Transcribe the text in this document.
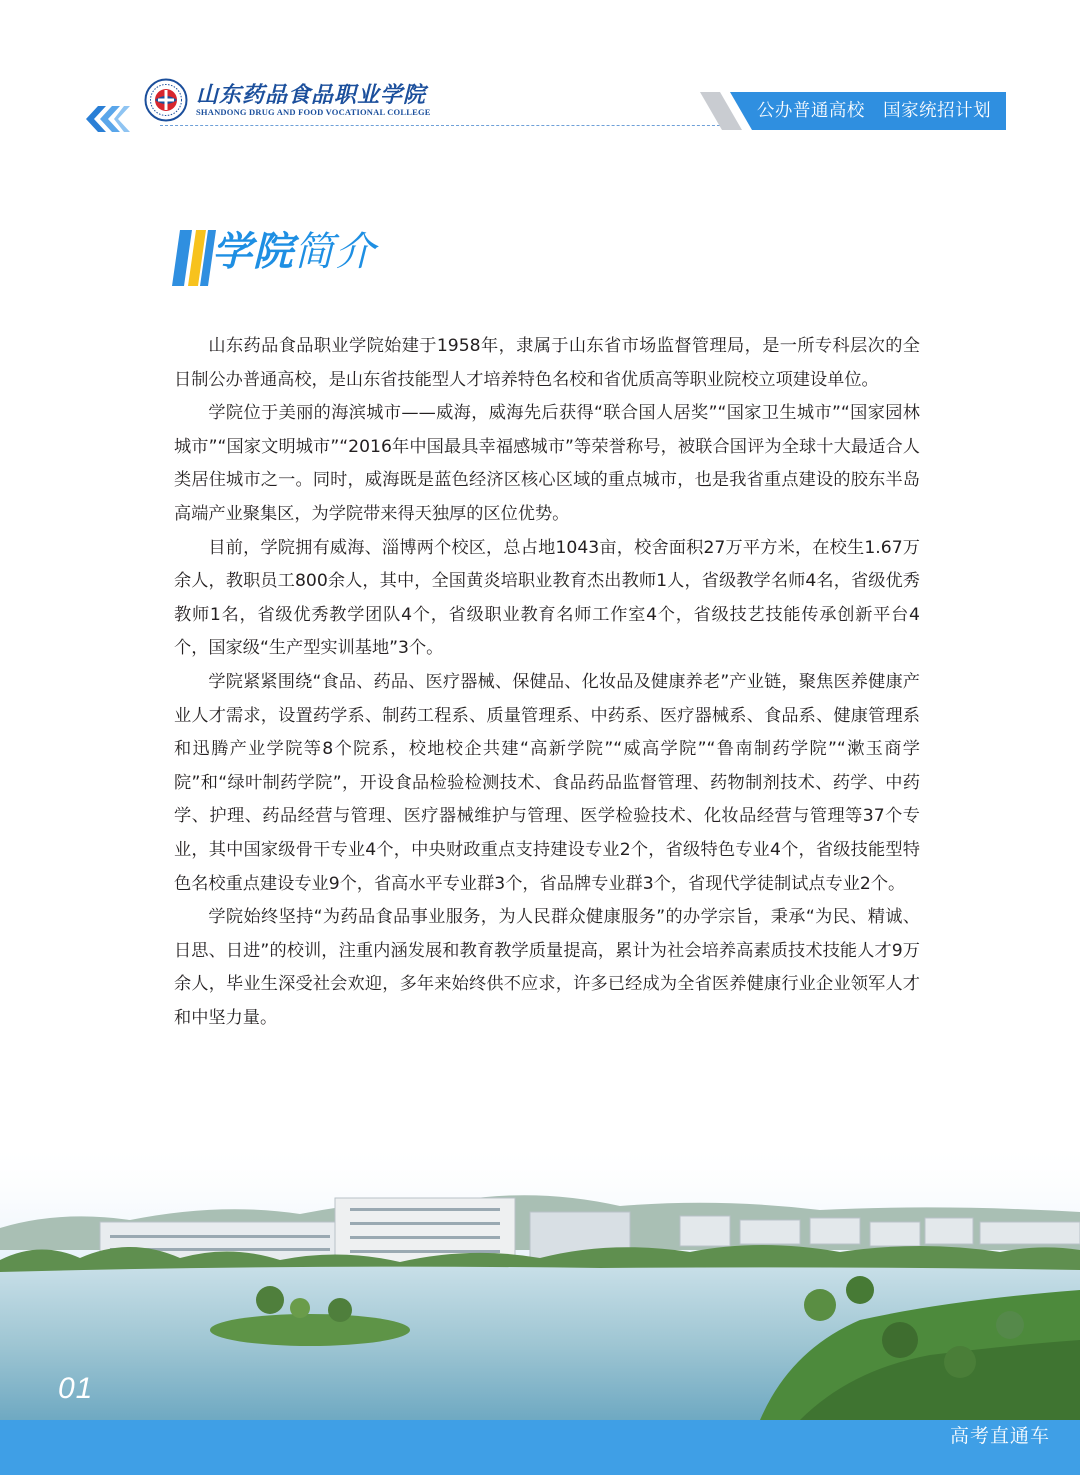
山东药品食品职业学院
SHANDONG DRUG AND FOOD VOCATIONAL COLLEGE	公办普通高校   国家统招计划
学院简介

山东药品食品职业学院始建于1958年，隶属于山东省市场监督管理局，是一所专科层次的全日制公办普通高校，是山东省技能型人才培养特色名校和省优质高等职业院校立项建设单位。

学院位于美丽的海滨城市——威海，威海先后获得“联合国人居奖”“国家卫生城市”“国家园林城市”“国家文明城市”“2016年中国最具幸福感城市”等荣誉称号，被联合国评为全球十大最适合人类居住城市之一。同时，威海既是蓝色经济区核心区域的重点城市，也是我省重点建设的胶东半岛高端产业聚集区，为学院带来得天独厚的区位优势。

目前，学院拥有威海、淄博两个校区，总占地1043亩，校舍面积27万平方米，在校生1.67万余人，教职员工800余人，其中，全国黄炎培职业教育杰出教师1人，省级教学名师4名，省级优秀教师1名，省级优秀教学团队4个，省级职业教育名师工作室4个，省级技艺技能传承创新平台4个，国家级“生产型实训基地”3个。

学院紧紧围绕“食品、药品、医疗器械、保健品、化妆品及健康养老”产业链，聚焦医养健康产业人才需求，设置药学系、制药工程系、质量管理系、中药系、医疗器械系、食品系、健康管理系和迅腾产业学院等8个院系，校地校企共建“高新学院”“威高学院”“鲁南制药学院”“漱玉商学院”和“绿叶制药学院”，开设食品检验检测技术、食品药品监督管理、药物制剂技术、药学、中药学、护理、药品经营与管理、医疗器械维护与管理、医学检验技术、化妆品经营与管理等37个专业，其中国家级骨干专业4个，中央财政重点支持建设专业2个，省级特色专业4个，省级技能型特色名校重点建设专业9个，省高水平专业群3个，省品牌专业群3个，省现代学徒制试点专业2个。

学院始终坚持“为药品食品事业服务，为人民群众健康服务”的办学宗旨，秉承“为民、精诚、日思、日进”的校训，注重内涵发展和教育教学质量提高，累计为社会培养高素质技术技能人才9万余人，毕业生深受社会欢迎，多年来始终供不应求，许多已经成为全省医养健康行业企业领军人才和中坚力量。

01
高考直通车
